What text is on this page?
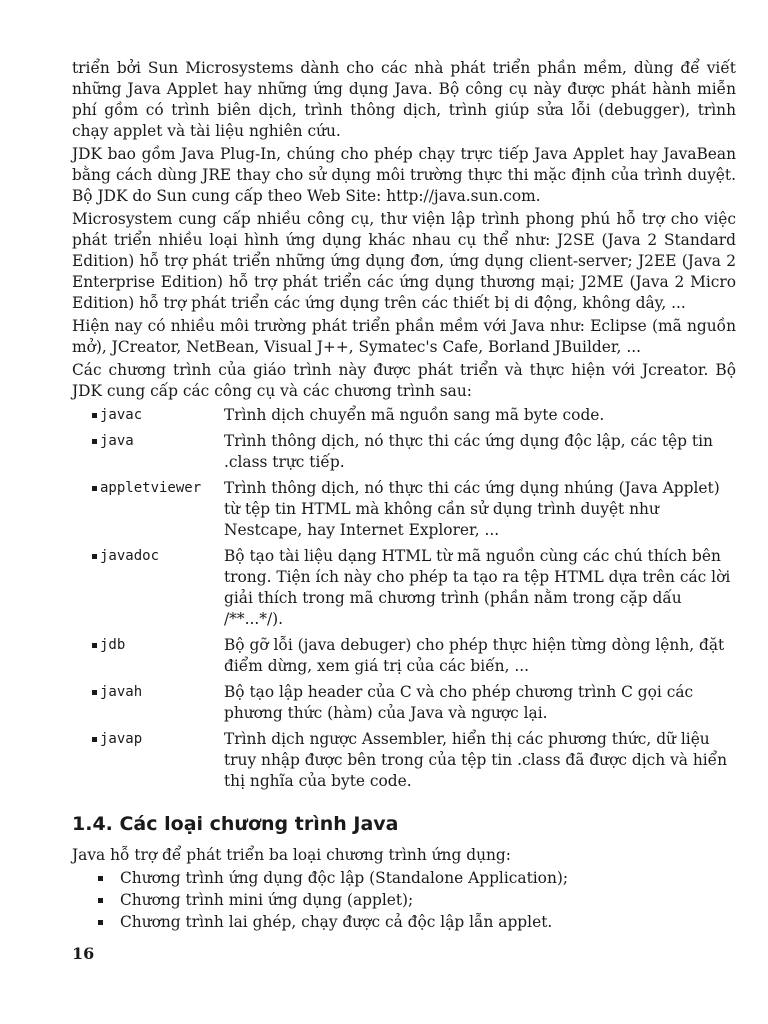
triển bởi Sun Microsystems dành cho các nhà phát triển phần mềm, dùng để viết những Java Applet hay những ứng dụng Java. Bộ công cụ này được phát hành miễn phí gồm có trình biên dịch, trình thông dịch, trình giúp sửa lỗi (debugger), trình chạy applet và tài liệu nghiên cứu.

JDK bao gồm Java Plug-In, chúng cho phép chạy trực tiếp Java Applet hay JavaBean bằng cách dùng JRE thay cho sử dụng môi trường thực thi mặc định của trình duyệt. Bộ JDK do Sun cung cấp theo Web Site: http://java.sun.com.

Microsystem cung cấp nhiều công cụ, thư viện lập trình phong phú hỗ trợ cho việc phát triển nhiều loại hình ứng dụng khác nhau cụ thể như: J2SE (Java 2 Standard Edition) hỗ trợ phát triển những ứng dụng đơn, ứng dụng client-server; J2EE (Java 2 Enterprise Edition) hỗ trợ phát triển các ứng dụng thương mại; J2ME (Java 2 Micro Edition) hỗ trợ phát triển các ứng dụng trên các thiết bị di động, không dây, ...

Hiện nay có nhiều môi trường phát triển phần mềm với Java như: Eclipse (mã nguồn mở), JCreator, NetBean, Visual J++, Symatec's Cafe, Borland JBuilder, ...

Các chương trình của giáo trình này được phát triển và thực hiện với Jcreator. Bộ JDK cung cấp các công cụ và các chương trình sau:

javac	Trình dịch chuyển mã nguồn sang mã byte code.
java	Trình thông dịch, nó thực thi các ứng dụng độc lập, các tệp tin .class trực tiếp.
appletviewer	Trình thông dịch, nó thực thi các ứng dụng nhúng (Java Applet) từ tệp tin HTML mà không cần sử dụng trình duyệt như Nestcape, hay Internet Explorer, ...
javadoc	Bộ tạo tài liệu dạng HTML từ mã nguồn cùng các chú thích bên trong. Tiện ích này cho phép ta tạo ra tệp HTML dựa trên các lời giải thích trong mã chương trình (phần nằm trong cặp dấu /**...*/).
jdb	Bộ gỡ lỗi (java debuger) cho phép thực hiện từng dòng lệnh, đặt điểm dừng, xem giá trị của các biến, ...
javah	Bộ tạo lập header của C và cho phép chương trình C gọi các phương thức (hàm) của Java và ngược lại.
javap	Trình dịch ngược Assembler, hiển thị các phương thức, dữ liệu truy nhập được bên trong của tệp tin .class đã được dịch và hiển thị nghĩa của byte code.
1.4. Các loại chương trình Java

Java hỗ trợ để phát triển ba loại chương trình ứng dụng:

Chương trình ứng dụng độc lập (Standalone Application);
Chương trình mini ứng dụng (applet);
Chương trình lai ghép, chạy được cả độc lập lẫn applet.
16
